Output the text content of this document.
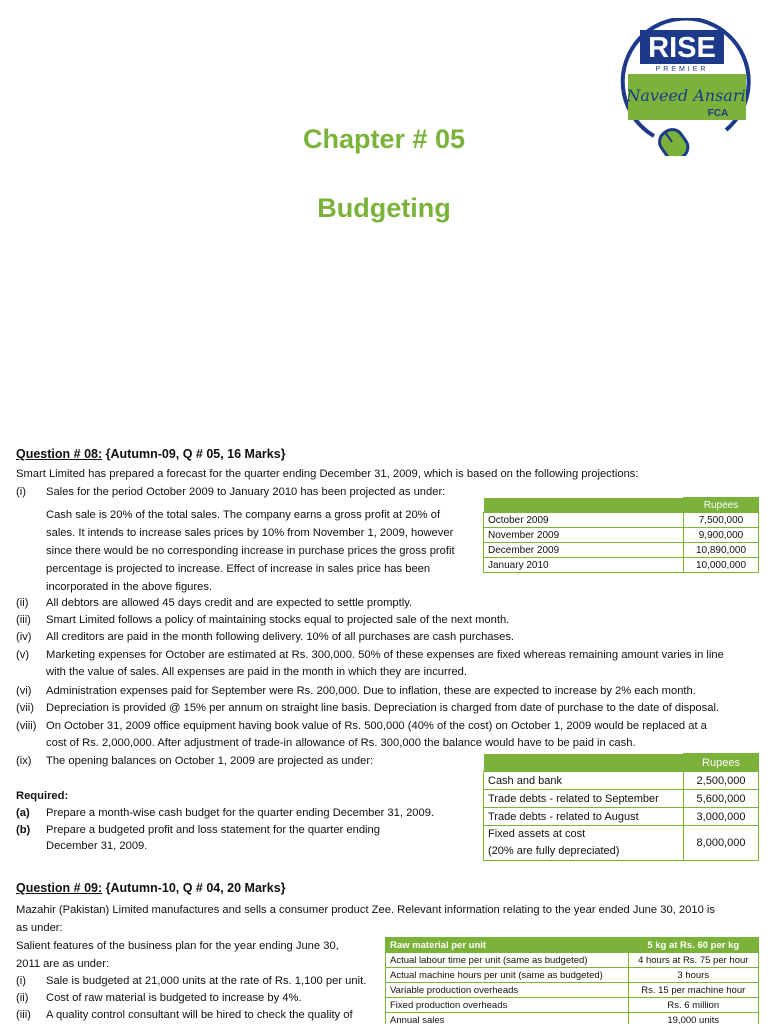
RISE
PREMIER
Naveed Ansari
FCA
Chapter # 05
Budgeting
Question # 08: {Autumn-09, Q # 05, 16 Marks}
Smart Limited has prepared a forecast for the quarter ending December 31, 2009, which is based on the following projections:
(i) Sales for the period October 2009 to January 2010 has been projected as under:
Cash sale is 20% of the total sales. The company earns a gross profit at 20% of
sales. It intends to increase sales prices by 10% from November 1, 2009, however
since there would be no corresponding increase in purchase prices the gross profit
percentage is projected to increase. Effect of increase in sales price has been
incorporated in the above figures.
	Rupees
October 2009	7,500,000
November 2009	9,900,000
December 2009	10,890,000
January 2010	10,000,000
(ii) All debtors are allowed 45 days credit and are expected to settle promptly.
(iii) Smart Limited follows a policy of maintaining stocks equal to projected sale of the next month.
(iv) All creditors are paid in the month following delivery. 10% of all purchases are cash purchases.
(v) Marketing expenses for October are estimated at Rs. 300,000. 50% of these expenses are fixed whereas remaining amount varies in line
with the value of sales. All expenses are paid in the month in which they are incurred.
(vi) Administration expenses paid for September were Rs. 200,000. Due to inflation, these are expected to increase by 2% each month.
(vii) Depreciation is provided @ 15% per annum on straight line basis. Depreciation is charged from date of purchase to the date of disposal.
(viii) On October 31, 2009 office equipment having book value of Rs. 500,000 (40% of the cost) on October 1, 2009 would be replaced at a
cost of Rs. 2,000,000. After adjustment of trade-in allowance of Rs. 300,000 the balance would have to be paid in cash.
(ix) The opening balances on October 1, 2009 are projected as under:
		Rupees
Cash and bank	2,500,000
Trade debts - related to September	5,600,000
Trade debts - related to August	3,000,000

Fixed assets at cost
(20% are fully depreciated)	8,000,000
Required:
(a) Prepare a month-wise cash budget for the quarter ending December 31, 2009.
(b) Prepare a budgeted profit and loss statement for the quarter ending
December 31, 2009.
Question # 09: {Autumn-10, Q # 04, 20 Marks}
Mazahir (Pakistan) Limited manufactures and sells a consumer product Zee. Relevant information relating to the year ended June 30, 2010 is
as under:
Salient features of the business plan for the year ending June 30,
2011 are as under:
(i) Sale is budgeted at 21,000 units at the rate of Rs. 1,100 per unit.
(ii) Cost of raw material is budgeted to increase by 4%.
(iii) A quality control consultant will be hired to check the quality of
Raw material per unit	5 kg at Rs. 60 per kg
Actual labour time per unit (same as budgeted)	4 hours at Rs. 75 per hour
Actual machine hours per unit (same as budgeted)	3 hours
Variable production overheads	Rs. 15 per machine hour
Fixed production overheads	Rs. 6 million
Annual sales	19,000 units
